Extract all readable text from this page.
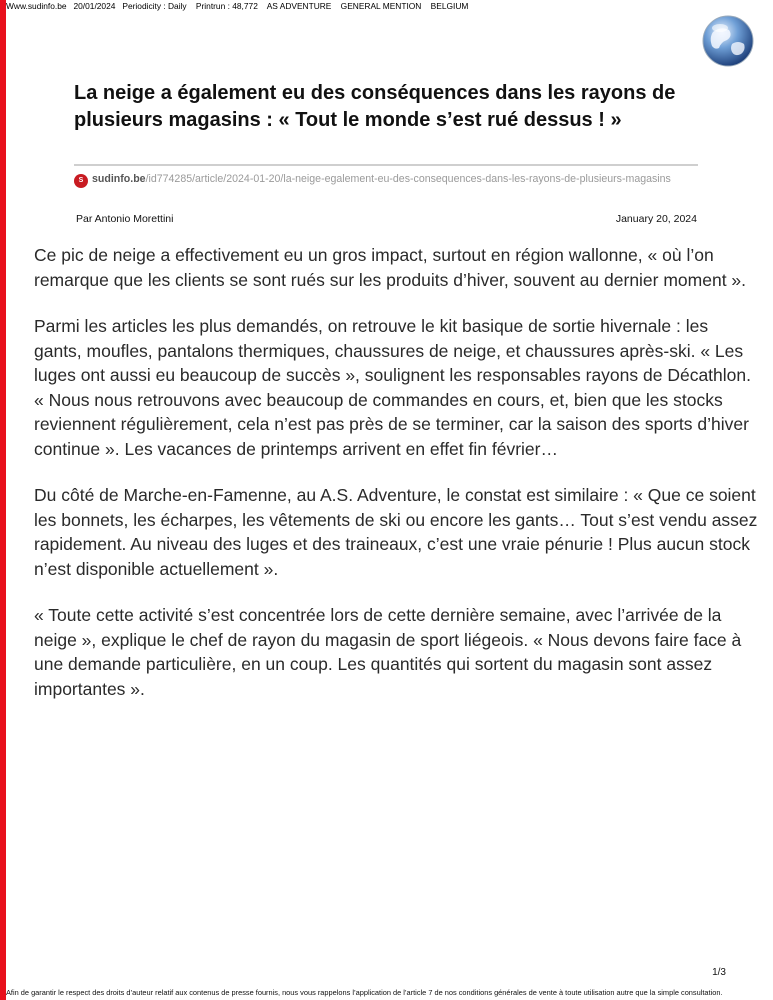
Www.sudinfo.be   20/01/2024   Periodicity : Daily    Printrun : 48,772    AS ADVENTURE    GENERAL MENTION    BELGIUM
La neige a également eu des conséquences dans les rayons de plusieurs magasins : « Tout le monde s’est rué dessus ! »
S sudinfo.be/id774285/article/2024-01-20/la-neige-egalement-eu-des-consequences-dans-les-rayons-de-plusieurs-magasins
Par Antonio Morettini	January 20, 2024

Ce pic de neige a effectivement eu un gros impact, surtout en région wallonne, « où l’on remarque que les clients se sont rués sur les produits d’hiver, souvent au dernier moment ».

Parmi les articles les plus demandés, on retrouve le kit basique de sortie hivernale : les gants, moufles, pantalons thermiques, chaussures de neige, et chaussures après-ski. « Les luges ont aussi eu beaucoup de succès », soulignent les responsables rayons de Décathlon. « Nous nous retrouvons avec beaucoup de commandes en cours, et, bien que les stocks reviennent régulièrement, cela n’est pas près de se terminer, car la saison des sports d’hiver continue ». Les vacances de printemps arrivent en effet fin février…

Du côté de Marche-en-Famenne, au A.S. Adventure, le constat est similaire : « Que ce soient les bonnets, les écharpes, les vêtements de ski ou encore les gants… Tout s’est vendu assez rapidement. Au niveau des luges et des traineaux, c’est une vraie pénurie ! Plus aucun stock n’est disponible actuellement ».

« Toute cette activité s’est concentrée lors de cette dernière semaine, avec l’arrivée de la neige », explique le chef de rayon du magasin de sport liégeois. « Nous devons faire face à une demande particulière, en un coup. Les quantités qui sortent du magasin sont assez importantes ».

1/3
Afin de garantir le respect des droits d’auteur relatif aux contenus de presse fournis, nous vous rappelons l’application de l’article 7 de nos conditions générales de vente à toute utilisation autre que la simple consultation.
